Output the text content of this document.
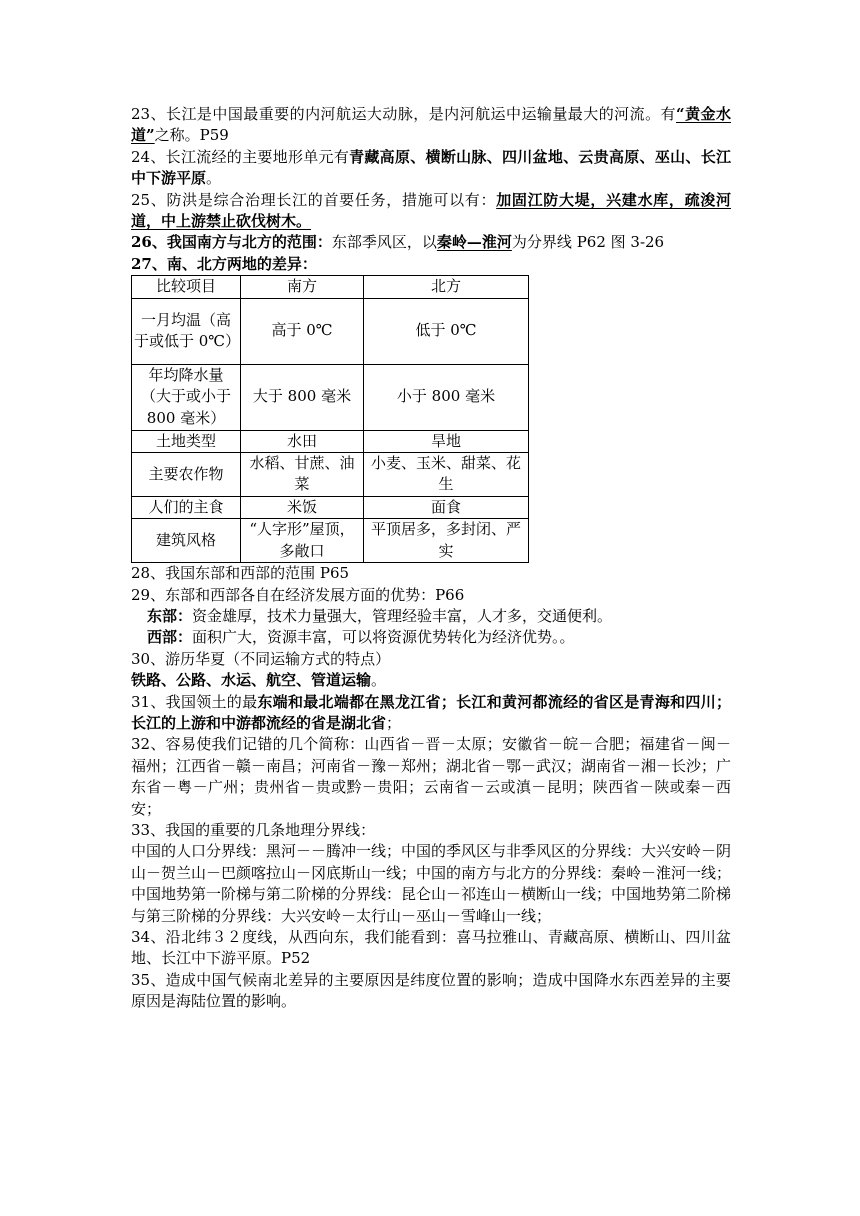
23、长江是中国最重要的内河航运大动脉，是内河航运中运输量最大的河流。有“黄金水道”之称。P59

24、长江流经的主要地形单元有青藏高原、横断山脉、四川盆地、云贵高原、巫山、长江中下游平原。

25、防洪是综合治理长江的首要任务，措施可以有：加固江防大堤，兴建水库，疏浚河道，中上游禁止砍伐树木。

26、我国南方与北方的范围：东部季风区，以秦岭—淮河为分界线 P62 图 3-26

27、南、北方两地的差异：

比较项目	南方	北方
一月均温（高于或低于 0℃）	高于 0℃	低于 0℃
年均降水量（大于或小于 800 毫米）	大于 800 毫米	小于 800 毫米
土地类型	水田	旱地
主要农作物	水稻、甘蔗、油菜	小麦、玉米、甜菜、花生
人们的主食	米饭	面食
建筑风格	“人字形”屋顶，多敞口	平顶居多，多封闭、严实

28、我国东部和西部的范围 P65

29、东部和西部各自在经济发展方面的优势：P66

东部：资金雄厚，技术力量强大，管理经验丰富，人才多，交通便利。

西部：面积广大，资源丰富，可以将资源优势转化为经济优势。。

30、游历华夏（不同运输方式的特点）

铁路、公路、水运、航空、管道运输。

31、我国领土的最东端和最北端都在黑龙江省；长江和黄河都流经的省区是青海和四川；长江的上游和中游都流经的省是湖北省；

32、容易使我们记错的几个简称：山西省－晋－太原；安徽省－皖－合肥；福建省－闽－福州；江西省－赣－南昌；河南省－豫－郑州；湖北省－鄂－武汉；湖南省－湘－长沙；广东省－粤－广州；贵州省－贵或黔－贵阳；云南省－云或滇－昆明；陕西省－陕或秦－西安；

33、我国的重要的几条地理分界线：

中国的人口分界线：黑河－－腾冲一线；中国的季风区与非季风区的分界线：大兴安岭－阴山－贺兰山－巴颜喀拉山－冈底斯山一线；中国的南方与北方的分界线：秦岭－淮河一线；中国地势第一阶梯与第二阶梯的分界线：昆仑山－祁连山－横断山一线；中国地势第二阶梯与第三阶梯的分界线：大兴安岭－太行山－巫山－雪峰山一线；

34、沿北纬３２度线，从西向东，我们能看到：喜马拉雅山、青藏高原、横断山、四川盆地、长江中下游平原。P52

35、造成中国气候南北差异的主要原因是纬度位置的影响；造成中国降水东西差异的主要原因是海陆位置的影响。
